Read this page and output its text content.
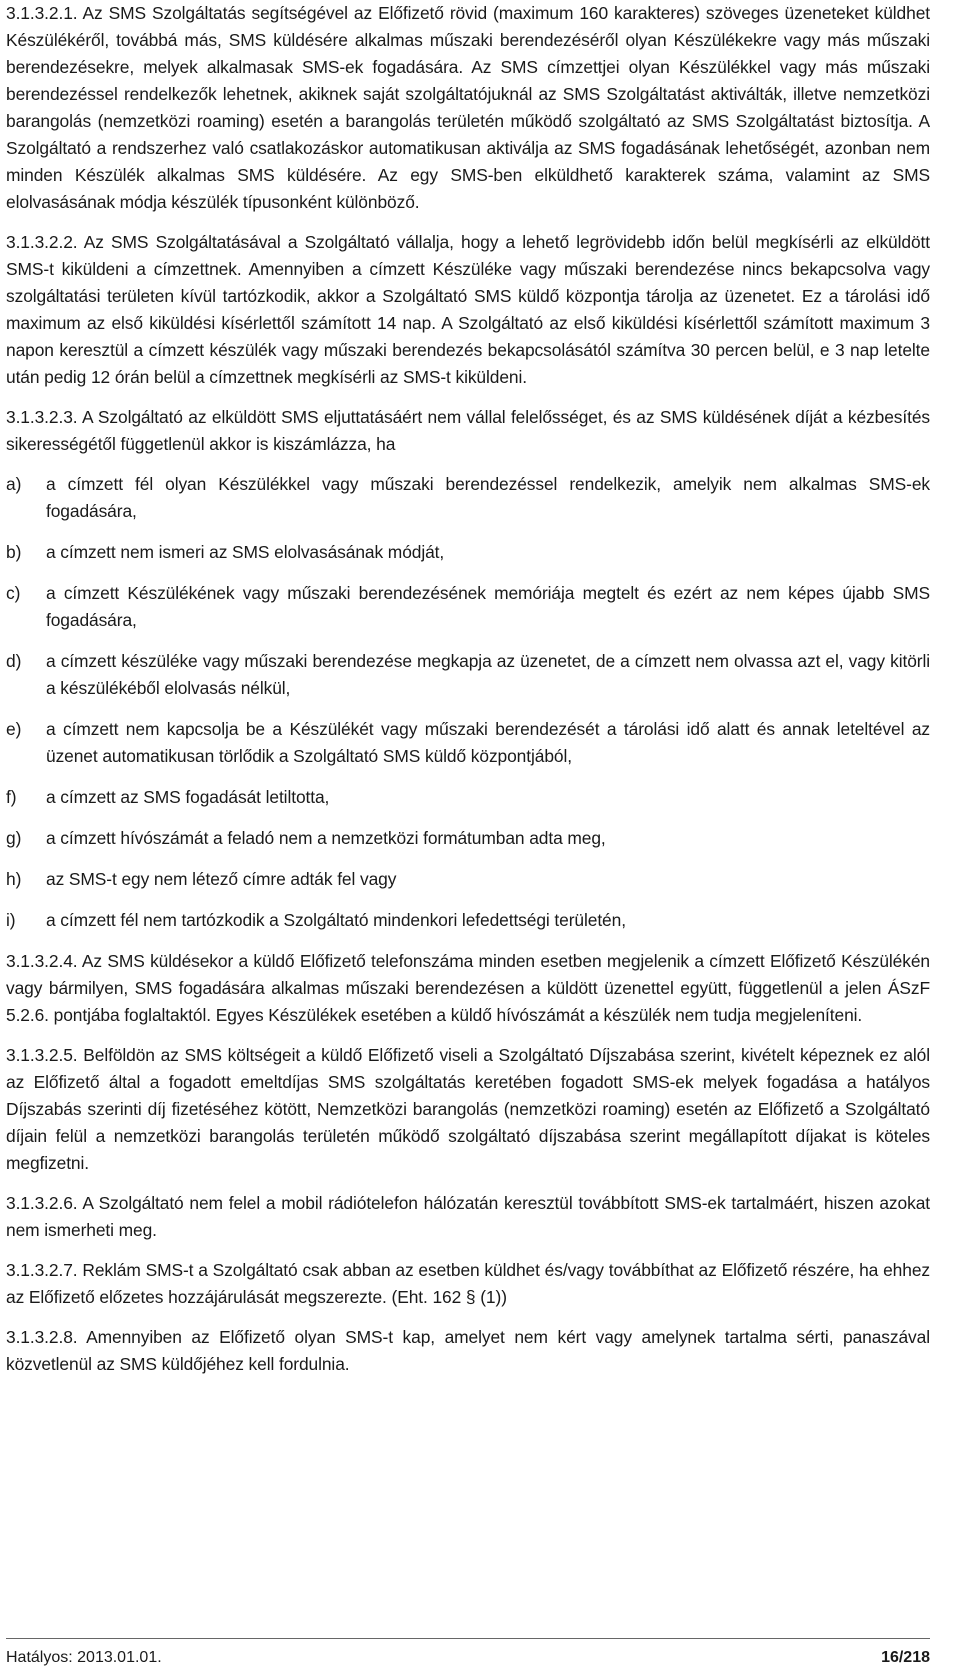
3.1.3.2.1. Az SMS Szolgáltatás segítségével az Előfizető rövid (maximum 160 karakteres) szöveges üzeneteket küldhet Készülékéről, továbbá más, SMS küldésére alkalmas műszaki berendezéséről olyan Készülékekre vagy más műszaki berendezésekre, melyek alkalmasak SMS-ek fogadására. Az SMS címzettjei olyan Készülékkel vagy más műszaki berendezéssel rendelkezők lehetnek, akiknek saját szolgáltatójuknál az SMS Szolgáltatást aktiválták, illetve nemzetközi barangolás (nemzetközi roaming) esetén a barangolás területén működő szolgáltató az SMS Szolgáltatást biztosítja. A Szolgáltató a rendszerhez való csatlakozáskor automatikusan aktiválja az SMS fogadásának lehetőségét, azonban nem minden Készülék alkalmas SMS küldésére. Az egy SMS-ben elküldhető karakterek száma, valamint az SMS elolvasásának módja készülék típusonként különböző.

3.1.3.2.2. Az SMS Szolgáltatásával a Szolgáltató vállalja, hogy a lehető legrövidebb időn belül megkísérli az elküldött SMS-t kiküldeni a címzettnek. Amennyiben a címzett Készüléke vagy műszaki berendezése nincs bekapcsolva vagy szolgáltatási területen kívül tartózkodik, akkor a Szolgáltató SMS küldő központja tárolja az üzenetet. Ez a tárolási idő maximum az első kiküldési kísérlettől számított 14 nap. A Szolgáltató az első kiküldési kísérlettől számított maximum 3 napon keresztül a címzett készülék vagy műszaki berendezés bekapcsolásától számítva 30 percen belül, e 3 nap letelte után pedig 12 órán belül a címzettnek megkísérli az SMS-t kiküldeni.

3.1.3.2.3. A Szolgáltató az elküldött SMS eljuttatásáért nem vállal felelősséget, és az SMS küldésének díját a kézbesítés sikerességétől függetlenül akkor is kiszámlázza, ha

a)	a címzett fél olyan Készülékkel vagy műszaki berendezéssel rendelkezik, amelyik nem alkalmas SMS-ek fogadására,
b)	a címzett nem ismeri az SMS elolvasásának módját,
c)	a címzett Készülékének vagy műszaki berendezésének memóriája megtelt és ezért az nem képes újabb SMS fogadására,
d)	a címzett készüléke vagy műszaki berendezése megkapja az üzenetet, de a címzett nem olvassa azt el, vagy kitörli a készülékéből elolvasás nélkül,
e)	a címzett nem kapcsolja be a Készülékét vagy műszaki berendezését a tárolási idő alatt és annak leteltével az üzenet automatikusan törlődik a Szolgáltató SMS küldő központjából,
f)	a címzett az SMS fogadását letiltotta,
g)	a címzett hívószámát a feladó nem a nemzetközi formátumban adta meg,
h)	az SMS-t egy nem létező címre adták fel vagy
i)	a címzett fél nem tartózkodik a Szolgáltató mindenkori lefedettségi területén,

3.1.3.2.4. Az SMS küldésekor a küldő Előfizető telefonszáma minden esetben megjelenik a címzett Előfizető Készülékén vagy bármilyen, SMS fogadására alkalmas műszaki berendezésen a küldött üzenettel együtt, függetlenül a jelen ÁSzF 5.2.6. pontjába foglaltaktól. Egyes Készülékek esetében a küldő hívószámát a készülék nem tudja megjeleníteni.

3.1.3.2.5. Belföldön az SMS költségeit a küldő Előfizető viseli a Szolgáltató Díjszabása szerint, kivételt képeznek ez alól az Előfizető által a fogadott emeltdíjas SMS szolgáltatás keretében fogadott SMS-ek melyek fogadása a hatályos Díjszabás szerinti díj fizetéséhez kötött, Nemzetközi barangolás (nemzetközi roaming) esetén az Előfizető a Szolgáltató díjain felül a nemzetközi barangolás területén működő szolgáltató díjszabása szerint megállapított díjakat is köteles megfizetni.

3.1.3.2.6. A Szolgáltató nem felel a mobil rádiótelefon hálózatán keresztül továbbított SMS-ek tartalmáért, hiszen azokat nem ismerheti meg.

3.1.3.2.7. Reklám SMS-t a Szolgáltató csak abban az esetben küldhet és/vagy továbbíthat az Előfizető részére, ha ehhez az Előfizető előzetes hozzájárulását megszerezte. (Eht. 162 § (1))

3.1.3.2.8. Amennyiben az Előfizető olyan SMS-t kap, amelyet nem kért vagy amelynek tartalma sérti, panaszával közvetlenül az SMS küldőjéhez kell fordulnia.

Hatályos: 2013.01.01.	16/218
